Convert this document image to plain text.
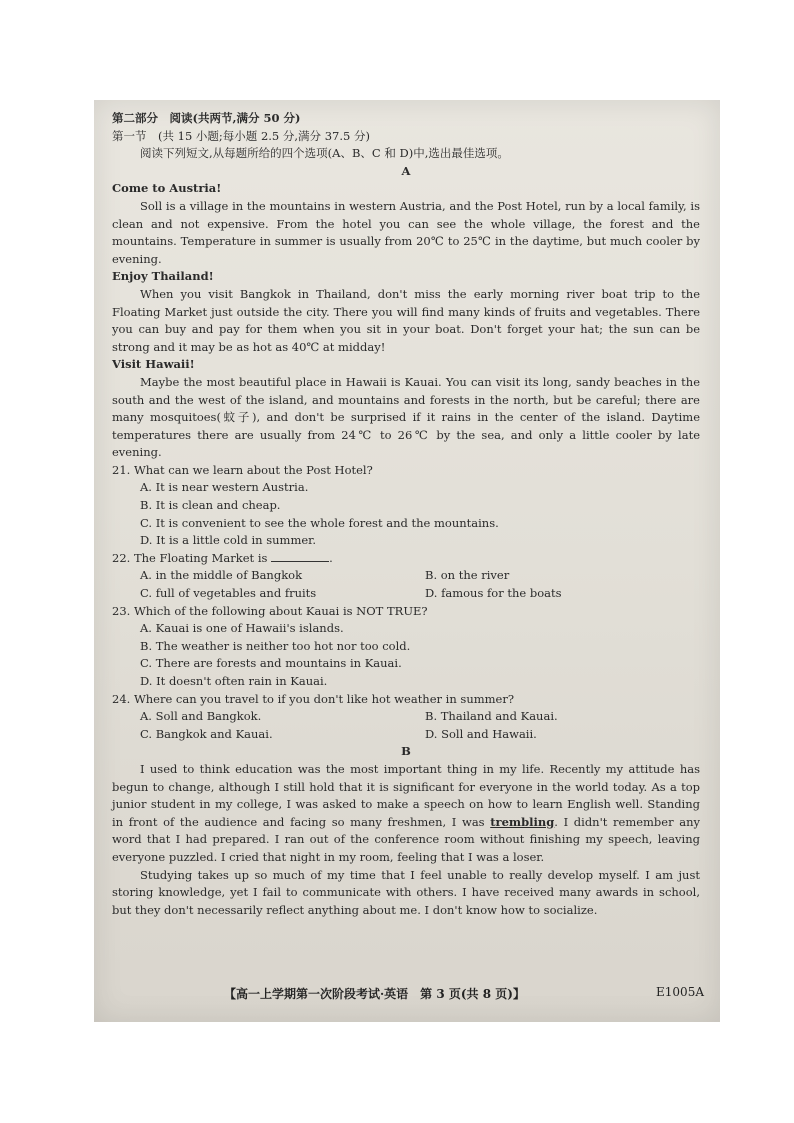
第二部分　阅读(共两节,满分 50 分)
第一节　(共 15 小题;每小题 2.5 分,满分 37.5 分)
阅读下列短文,从每题所给的四个选项(A、B、C 和 D)中,选出最佳选项。
A
Come to Austria!
Soll is a village in the mountains in western Austria, and the Post Hotel, run by a local family, is clean and not expensive. From the hotel you can see the whole village, the forest and the mountains. Temperature in summer is usually from 20℃ to 25℃ in the daytime, but much cooler by evening.
Enjoy Thailand!
When you visit Bangkok in Thailand, don't miss the early morning river boat trip to the Floating Market just outside the city. There you will find many kinds of fruits and vegetables. There you can buy and pay for them when you sit in your boat. Don't forget your hat; the sun can be strong and it may be as hot as 40℃ at midday!
Visit Hawaii!
Maybe the most beautiful place in Hawaii is Kauai. You can visit its long, sandy beaches in the south and the west of the island, and mountains and forests in the north, but be careful; there are many mosquitoes(蚊子), and don't be surprised if it rains in the center of the island. Daytime temperatures there are usually from 24℃ to 26℃ by the sea, and only a little cooler by late evening.
21. What can we learn about the Post Hotel?
A. It is near western Austria.
B. It is clean and cheap.
C. It is convenient to see the whole forest and the mountains.
D. It is a little cold in summer.
22. The Floating Market is	.
A. in the middle of Bangkok	B. on the river
C. full of vegetables and fruits	D. famous for the boats
23. Which of the following about Kauai is NOT TRUE?
A. Kauai is one of Hawaii's islands.
B. The weather is neither too hot nor too cold.
C. There are forests and mountains in Kauai.
D. It doesn't often rain in Kauai.
24. Where can you travel to if you don't like hot weather in summer?
A. Soll and Bangkok.	B. Thailand and Kauai.
C. Bangkok and Kauai.	D. Soll and Hawaii.
B
I used to think education was the most important thing in my life. Recently my attitude has begun to change, although I still hold that it is significant for everyone in the world today. As a top junior student in my college, I was asked to make a speech on how to learn English well. Standing in front of the audience and facing so many freshmen, I was trembling. I didn't remember any word that I had prepared. I ran out of the conference room without finishing my speech, leaving everyone puzzled. I cried that night in my room, feeling that I was a loser.
Studying takes up so much of my time that I feel unable to really develop myself. I am just storing knowledge, yet I fail to communicate with others. I have received many awards in school, but they don't necessarily reflect anything about me. I don't know how to socialize.
【高一上学期第一次阶段考试·英语　第 3 页(共 8 页)】	E1005A
